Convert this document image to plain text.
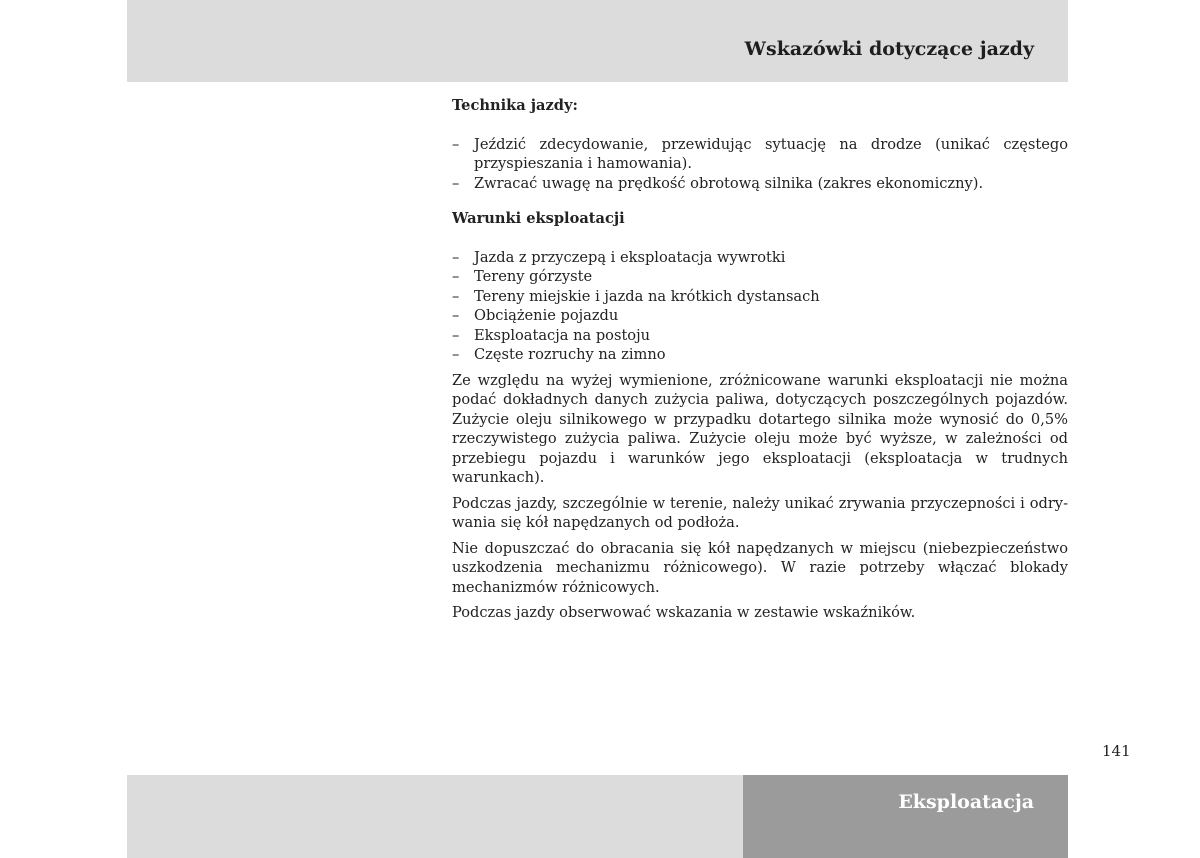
Wskazówki dotyczące jazdy

Technika jazdy:

– Jeździć zdecydowanie, przewidując sytuację na drodze (unikać częstego przyspieszania i hamowania).
– Zwracać uwagę na prędkość obrotową silnika (zakres ekonomiczny).

Warunki eksploatacji

– Jazda z przyczepą i eksploatacja wywrotki
– Tereny górzyste
– Tereny miejskie i jazda na krótkich dystansach
– Obciążenie pojazdu
– Eksploatacja na postoju
– Częste rozruchy na zimno

Ze względu na wyżej wymienione, zróżnicowane warunki eksploatacji nie można podać dokładnych danych zużycia paliwa, dotyczących poszczególnych pojazdów. Zużycie oleju silnikowego w przypadku dotartego silnika może wynosić do 0,5% rzeczywistego zużycia paliwa. Zużycie oleju może być wyższe, w zależności od przebiegu pojazdu i warunków jego eksploatacji (eksploatacja w trudnych warunkach).

Podczas jazdy, szczególnie w terenie, należy unikać zrywania przyczepności i odrywania się kół napędzanych od podłoża.

Nie dopuszczać do obracania się kół napędzanych w miejscu (niebezpieczeństwo uszkodzenia mechanizmu różnicowego). W razie potrzeby włączać blokady mechanizmów różnicowych.

Podczas jazdy obserwować wskazania w zestawie wskaźników.

141
Eksploatacja
